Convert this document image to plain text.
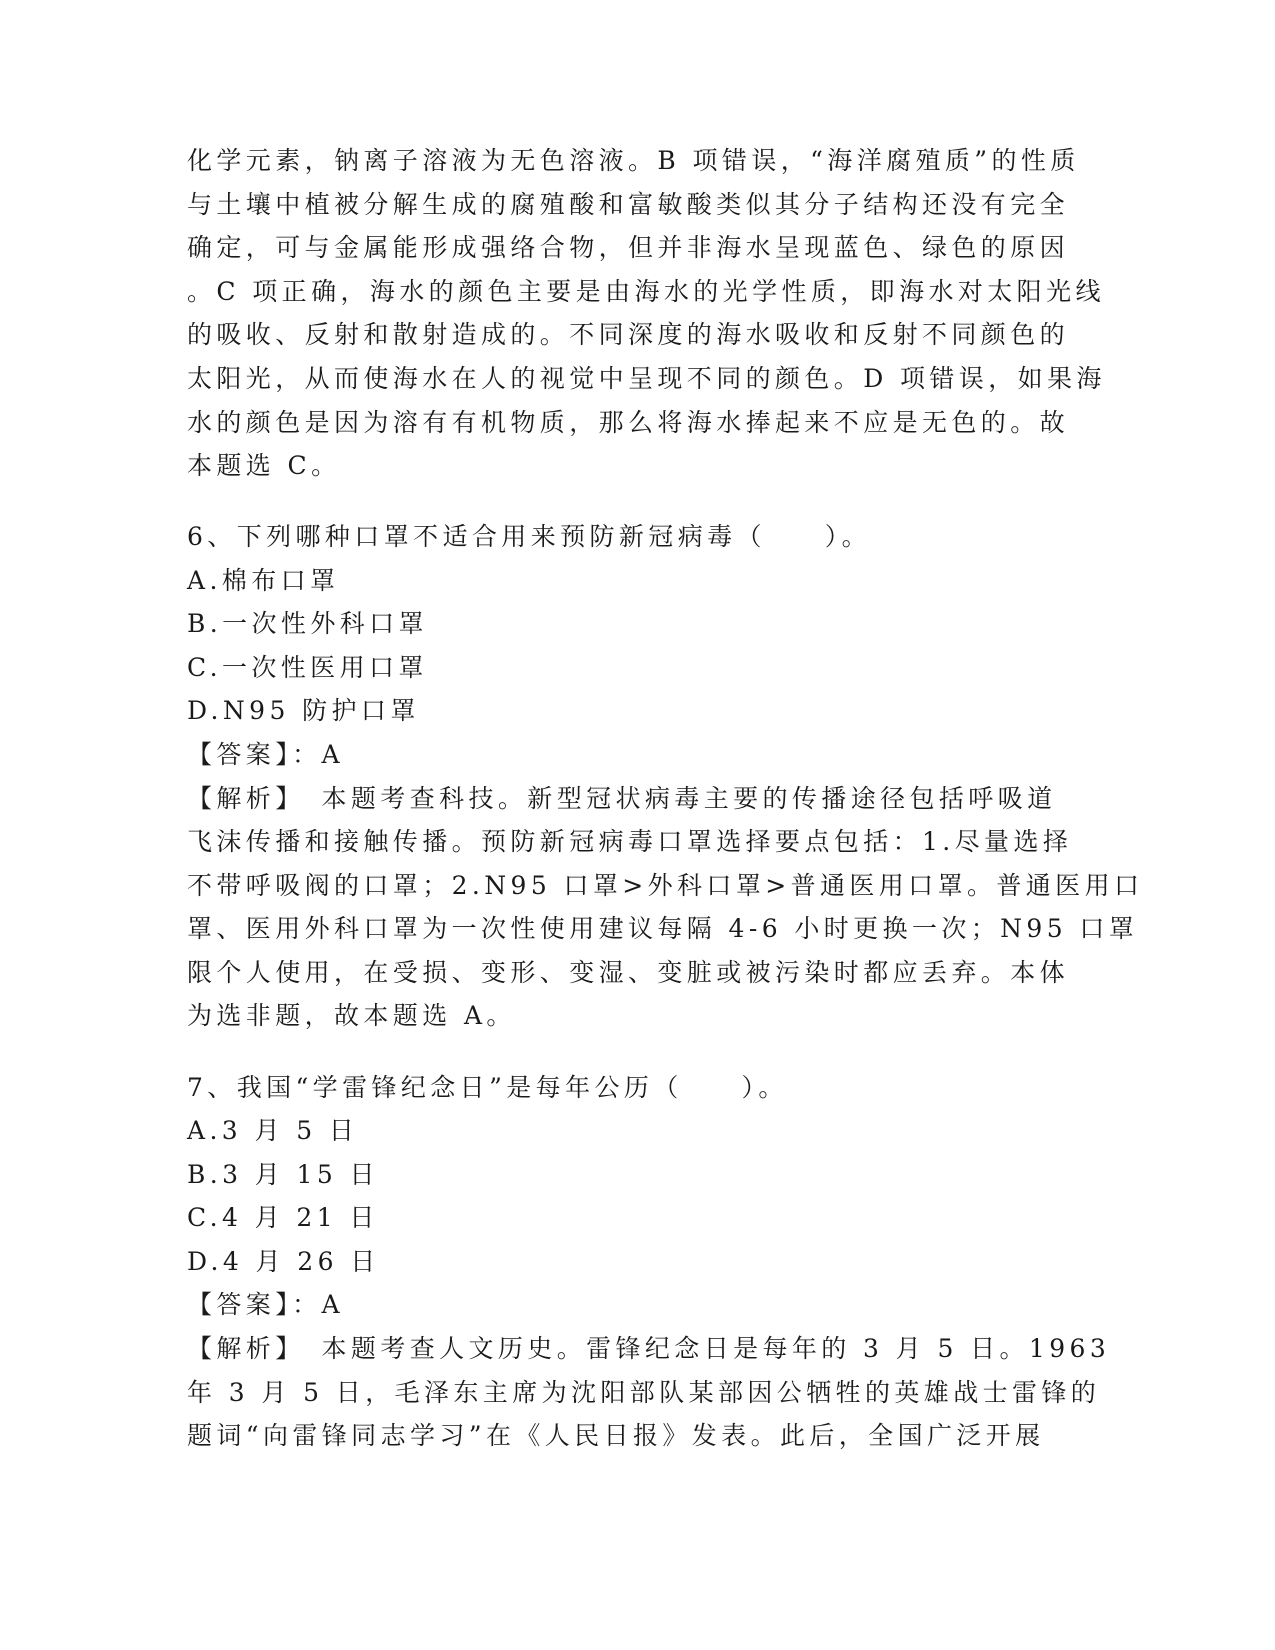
化学元素，钠离子溶液为无色溶液。B 项错误，“海洋腐殖质”的性质
与土壤中植被分解生成的腐殖酸和富敏酸类似其分子结构还没有完全
确定，可与金属能形成强络合物，但并非海水呈现蓝色、绿色的原因
。C 项正确，海水的颜色主要是由海水的光学性质，即海水对太阳光线
的吸收、反射和散射造成的。不同深度的海水吸收和反射不同颜色的
太阳光，从而使海水在人的视觉中呈现不同的颜色。D 项错误，如果海
水的颜色是因为溶有有机物质，那么将海水捧起来不应是无色的。故
本题选 C。
6、下列哪种口罩不适合用来预防新冠病毒（　　）。
A.棉布口罩
B.一次性外科口罩
C.一次性医用口罩
D.N95 防护口罩
【答案】：A
【解析】　本题考查科技。新型冠状病毒主要的传播途径包括呼吸道
飞沫传播和接触传播。预防新冠病毒口罩选择要点包括：1.尽量选择
不带呼吸阀的口罩；2.N95 口罩>外科口罩>普通医用口罩。普通医用口
罩、医用外科口罩为一次性使用建议每隔 4-6 小时更换一次；N95 口罩
限个人使用，在受损、变形、变湿、变脏或被污染时都应丢弃。本体
为选非题，故本题选 A。
7、我国“学雷锋纪念日”是每年公历（　　）。
A.3 月 5 日
B.3 月 15 日
C.4 月 21 日
D.4 月 26 日
【答案】：A
【解析】　本题考查人文历史。雷锋纪念日是每年的 3 月 5 日。1963
年 3 月 5 日，毛泽东主席为沈阳部队某部因公牺牲的英雄战士雷锋的
题词“向雷锋同志学习”在《人民日报》发表。此后，全国广泛开展
